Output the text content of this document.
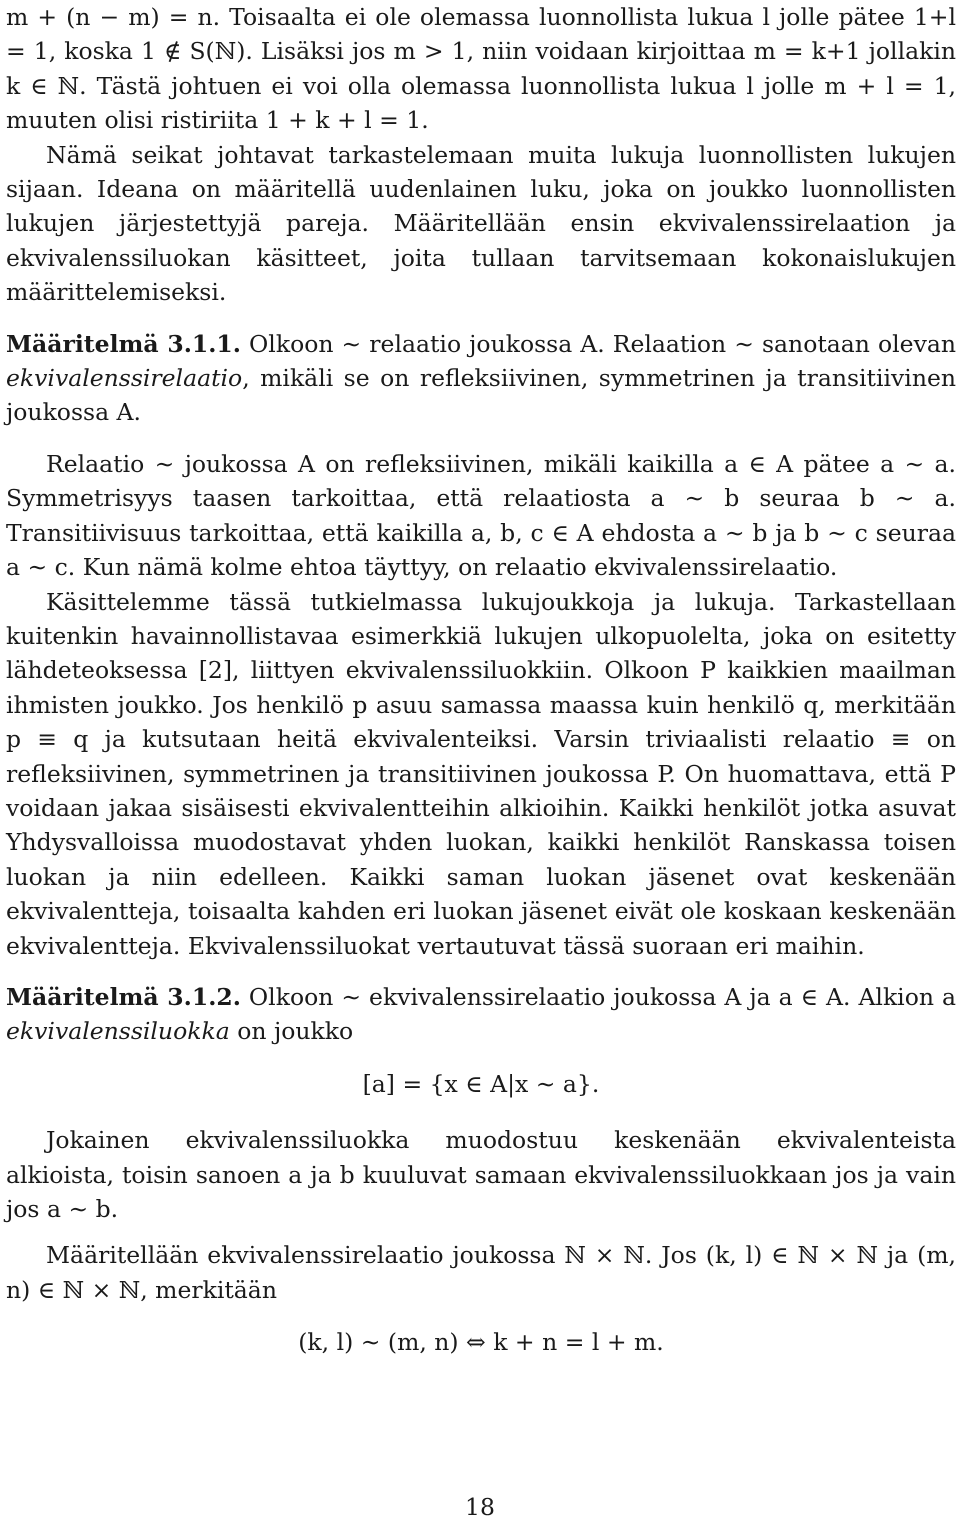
m + (n − m) = n. Toisaalta ei ole olemassa luonnollista lukua l jolle pätee 1+l = 1, koska 1 ∉ S(ℕ). Lisäksi jos m > 1, niin voidaan kirjoittaa m = k+1 jollakin k ∈ ℕ. Tästä johtuen ei voi olla olemassa luonnollista lukua l jolle m + l = 1, muuten olisi ristiriita 1 + k + l = 1.

Nämä seikat johtavat tarkastelemaan muita lukuja luonnollisten lukujen sijaan. Ideana on määritellä uudenlainen luku, joka on joukko luonnollisten lukujen järjestettyjä pareja. Määritellään ensin ekvivalenssirelaation ja ekvivalenssiluokan käsitteet, joita tullaan tarvitsemaan kokonaislukujen määrittelemiseksi.

Määritelmä 3.1.1. Olkoon ∼ relaatio joukossa A. Relaation ∼ sanotaan olevan ekvivalenssirelaatio, mikäli se on refleksiivinen, symmetrinen ja transitiivinen joukossa A.

Relaatio ∼ joukossa A on refleksiivinen, mikäli kaikilla a ∈ A pätee a ∼ a. Symmetrisyys taasen tarkoittaa, että relaatiosta a ∼ b seuraa b ∼ a. Transitiivisuus tarkoittaa, että kaikilla a, b, c ∈ A ehdosta a ∼ b ja b ∼ c seuraa a ∼ c. Kun nämä kolme ehtoa täyttyy, on relaatio ekvivalenssirelaatio.

Käsittelemme tässä tutkielmassa lukujoukkoja ja lukuja. Tarkastellaan kuitenkin havainnollistavaa esimerkkiä lukujen ulkopuolelta, joka on esitetty lähdeteoksessa [2], liittyen ekvivalenssiluokkiin. Olkoon P kaikkien maailman ihmisten joukko. Jos henkilö p asuu samassa maassa kuin henkilö q, merkitään p ≡ q ja kutsutaan heitä ekvivalenteiksi. Varsin triviaalisti relaatio ≡ on refleksiivinen, symmetrinen ja transitiivinen joukossa P. On huomattava, että P voidaan jakaa sisäisesti ekvivalentteihin alkioihin. Kaikki henkilöt jotka asuvat Yhdysvalloissa muodostavat yhden luokan, kaikki henkilöt Ranskassa toisen luokan ja niin edelleen. Kaikki saman luokan jäsenet ovat keskenään ekvivalentteja, toisaalta kahden eri luokan jäsenet eivät ole koskaan keskenään ekvivalentteja. Ekvivalenssiluokat vertautuvat tässä suoraan eri maihin.

Määritelmä 3.1.2. Olkoon ∼ ekvivalenssirelaatio joukossa A ja a ∈ A. Alkion a ekvivalenssiluokka on joukko

[a] = {x ∈ A|x ∼ a}.

Jokainen ekvivalenssiluokka muodostuu keskenään ekvivalenteista alkioista, toisin sanoen a ja b kuuluvat samaan ekvivalenssiluokkaan jos ja vain jos a ∼ b.

Määritellään ekvivalenssirelaatio joukossa ℕ × ℕ. Jos (k, l) ∈ ℕ × ℕ ja (m, n) ∈ ℕ × ℕ, merkitään

(k, l) ∼ (m, n) ⇔ k + n = l + m.
18
